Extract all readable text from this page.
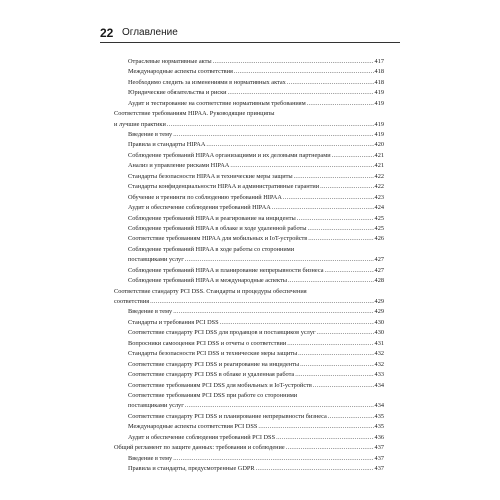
22 Оглавление
Отраслевые нормативные акты .....	417
Международные аспекты соответствия .....	418
Необходимо следить за изменениями в нормативных актах .....	418
Юридические обязательства и риски .....	419
Аудит и тестирование на соответствие нормативным требованиям .....	419
Соответствие требованиям HIPAA. Руководящие принципы
и лучшие практики .....	419
Введение в тему .....	419
Правила и стандарты HIPAA .....	420
Соблюдение требований HIPAA организациями и их деловыми партнерами .....	421
Анализ и управление рисками HIPAA .....	421
Стандарты безопасности HIPAA и технические меры защиты .....	422
Стандарты конфиденциальности HIPAA и административные гарантии .....	422
Обучение и тренинги по соблюдению требований HIPAA .....	423
Аудит и обеспечение соблюдения требований HIPAA .....	424
Соблюдение требований HIPAA и реагирование на инциденты .....	425
Соблюдение требований HIPAA в облаке и ходе удаленной работы .....	425
Соответствие требованиям HIPAA для мобильных и IoT-устройств .....	426
Соблюдение требований HIPAA в ходе работы со сторонними
поставщиками услуг .....	427
Соблюдение требований HIPAA и планирование непрерывности бизнеса .....	427
Соблюдение требований HIPAA и международные аспекты .....	428
Соответствие стандарту PCI DSS. Стандарты и процедуры обеспечения
соответствия .....	429
Введение в тему .....	429
Стандарты и требования PCI DSS .....	430
Соответствие стандарту PCI DSS для продавцов и поставщиков услуг .....	430
Вопросники самооценки PCI DSS и отчеты о соответствии .....	431
Стандарты безопасности PCI DSS и технические меры защиты .....	432
Соответствие стандарту PCI DSS и реагирование на инциденты .....	432
Соответствие стандарту PCI DSS в облаке и удаленная работа .....	433
Соответствие требованиям PCI DSS для мобильных и IoT-устройств .....	434
Соответствие требованиям PCI DSS при работе со сторонними
поставщиками услуг .....	434
Соответствие стандарту PCI DSS и планирование непрерывности бизнеса .....	435
Международные аспекты соответствия PCI DSS .....	435
Аудит и обеспечение соблюдения требований PCI DSS .....	436
Общий регламент по защите данных: требования и соблюдение .....	437
Введение в тему .....	437
Правила и стандарты, предусмотренные GDPR .....	437
